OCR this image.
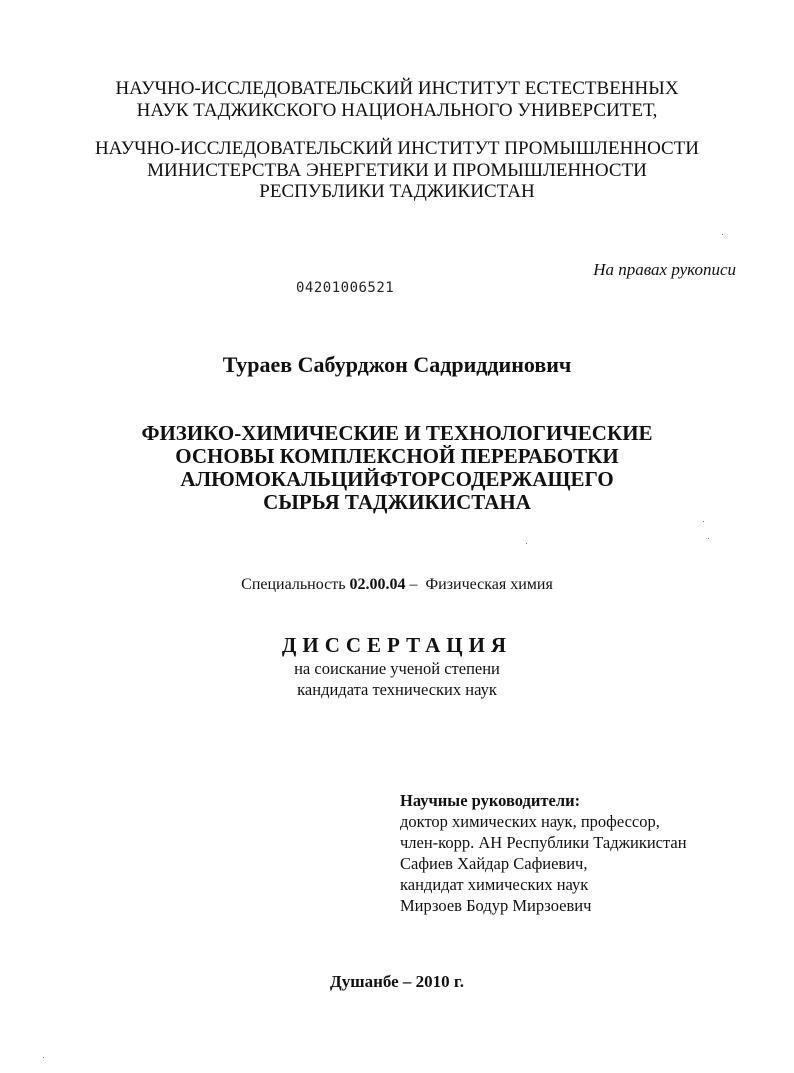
НАУЧНО-ИССЛЕДОВАТЕЛЬСКИЙ ИНСТИТУТ ЕСТЕСТВЕННЫХ

НАУК ТАДЖИКСКОГО НАЦИОНАЛЬНОГО УНИВЕРСИТЕТ,

НАУЧНО-ИССЛЕДОВАТЕЛЬСКИЙ ИНСТИТУТ ПРОМЫШЛЕННОСТИ

МИНИСТЕРСТВА ЭНЕРГЕТИКИ И ПРОМЫШЛЕННОСТИ

РЕСПУБЛИКИ ТАДЖИКИСТАН

На правах рукописи
04201006521

Тураев Сабурджон Садриддинович

ФИЗИКО-ХИМИЧЕСКИЕ И ТЕХНОЛОГИЧЕСКИЕ

ОСНОВЫ КОМПЛЕКСНОЙ ПЕРЕРАБОТКИ

АЛЮМОКАЛЬЦИЙФТОРСОДЕРЖАЩЕГО

СЫРЬЯ ТАДЖИКИСТАНА

Специальность 02.00.04 – Физическая химия

ДИССЕРТАЦИЯ

на соискание ученой степени

кандидата технических наук

Научные руководители:
доктор химических наук, профессор,
член-корр. АН Республики Таджикистан
Сафиев Хайдар Сафиевич,
кандидат химических наук
Мирзоев Бодур Мирзоевич

Душанбе – 2010 г.
